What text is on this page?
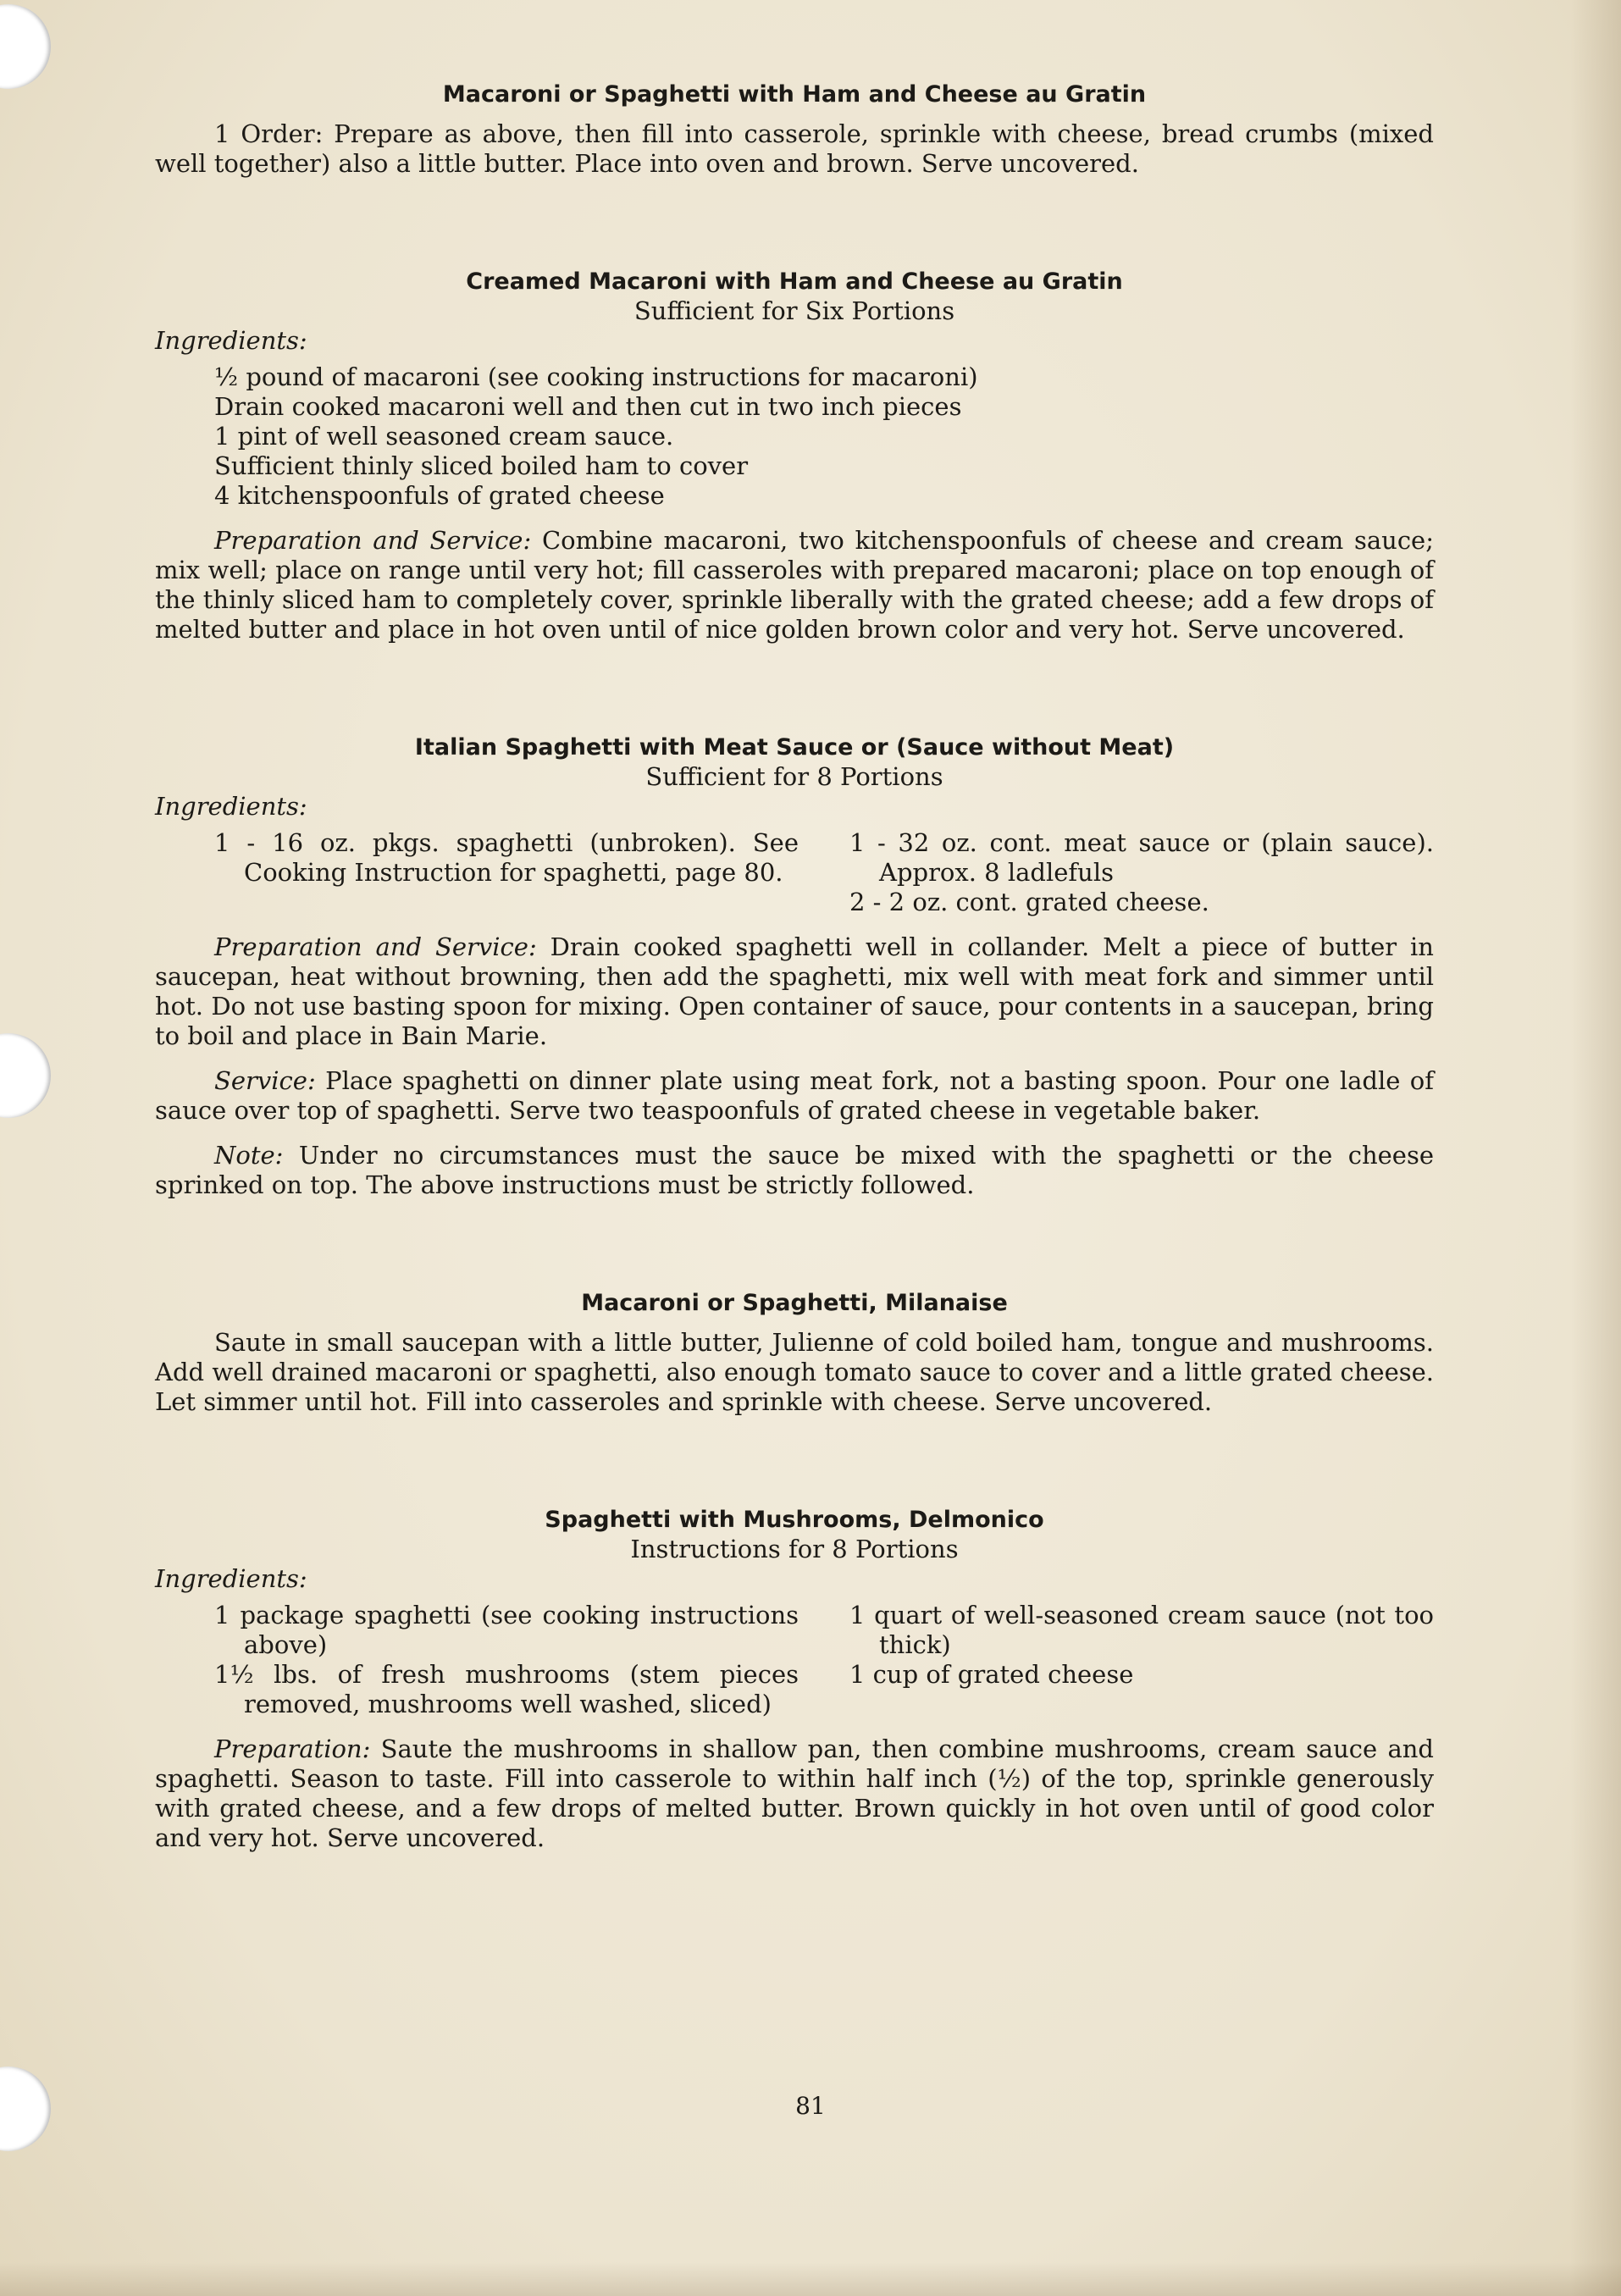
Macaroni or Spaghetti with Ham and Cheese au Gratin

1 Order: Prepare as above, then fill into casserole, sprinkle with cheese, bread crumbs (mixed well together) also a little butter. Place into oven and brown. Serve uncovered.

Creamed Macaroni with Ham and Cheese au Gratin

Sufficient for Six Portions

Ingredients:

½ pound of macaroni (see cooking instructions for macaroni)

Drain cooked macaroni well and then cut in two inch pieces

1 pint of well seasoned cream sauce.

Sufficient thinly sliced boiled ham to cover

4 kitchenspoonfuls of grated cheese

Preparation and Service: Combine macaroni, two kitchenspoonfuls of cheese and cream sauce; mix well; place on range until very hot; fill casseroles with prepared macaroni; place on top enough of the thinly sliced ham to completely cover, sprinkle liberally with the grated cheese; add a few drops of melted butter and place in hot oven until of nice golden brown color and very hot. Serve uncovered.

Italian Spaghetti with Meat Sauce or (Sauce without Meat)

Sufficient for 8 Portions

Ingredients:

1 - 16 oz. pkgs. spaghetti (unbroken). See Cooking Instruction for spaghetti, page 80.

1 - 32 oz. cont. meat sauce or (plain sauce). Approx. 8 ladlefuls

2 - 2 oz. cont. grated cheese.

Preparation and Service: Drain cooked spaghetti well in collander. Melt a piece of butter in saucepan, heat without browning, then add the spaghetti, mix well with meat fork and simmer until hot. Do not use basting spoon for mixing. Open container of sauce, pour contents in a saucepan, bring to boil and place in Bain Marie.

Service: Place spaghetti on dinner plate using meat fork, not a basting spoon. Pour one ladle of sauce over top of spaghetti. Serve two teaspoonfuls of grated cheese in vegetable baker.

Note: Under no circumstances must the sauce be mixed with the spaghetti or the cheese sprinked on top. The above instructions must be strictly followed.

Macaroni or Spaghetti, Milanaise

Saute in small saucepan with a little butter, Julienne of cold boiled ham, tongue and mushrooms. Add well drained macaroni or spaghetti, also enough tomato sauce to cover and a little grated cheese. Let simmer until hot. Fill into casseroles and sprinkle with cheese. Serve uncovered.

Spaghetti with Mushrooms, Delmonico

Instructions for 8 Portions

Ingredients:

1 package spaghetti (see cooking instructions above)

1½ lbs. of fresh mushrooms (stem pieces removed, mushrooms well washed, sliced)

1 quart of well-seasoned cream sauce (not too thick)

1 cup of grated cheese

Preparation: Saute the mushrooms in shallow pan, then combine mushrooms, cream sauce and spaghetti. Season to taste. Fill into casserole to within half inch (½) of the top, sprinkle generously with grated cheese, and a few drops of melted butter. Brown quickly in hot oven until of good color and very hot. Serve uncovered.

81
